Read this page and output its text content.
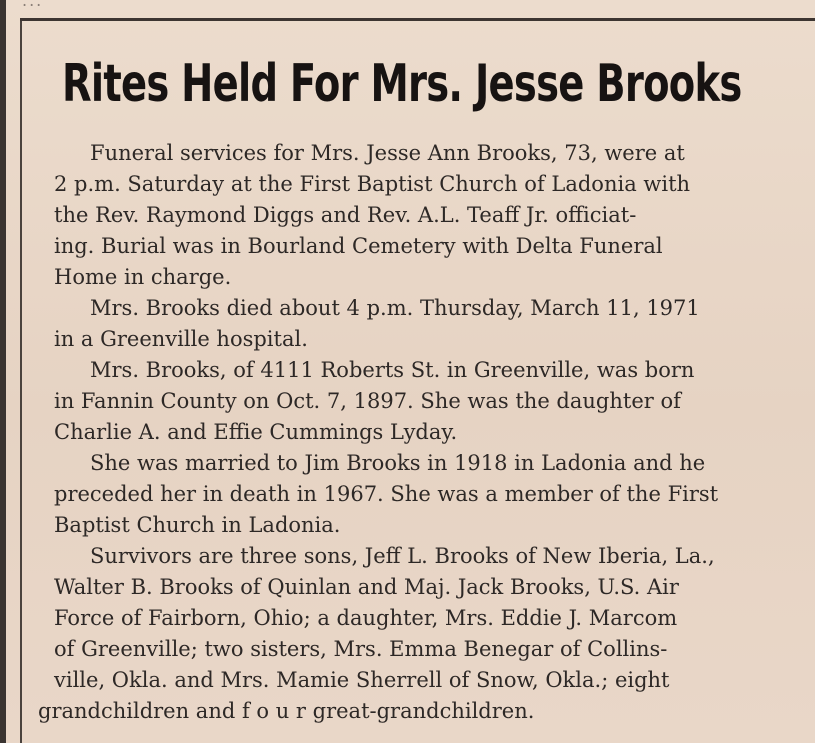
Rites Held For Mrs. Jesse Brooks
Funeral services for Mrs. Jesse Ann Brooks, 73, were at
2 p.m. Saturday at the First Baptist Church of Ladonia with
the Rev. Raymond Diggs and Rev. A.L. Teaff Jr. officiat-
ing. Burial was in Bourland Cemetery with Delta Funeral
Home in charge.
Mrs. Brooks died about 4 p.m. Thursday, March 11, 1971
in a Greenville hospital.
Mrs. Brooks, of 4111 Roberts St. in Greenville, was born
in Fannin County on Oct. 7, 1897. She was the daughter of
Charlie A. and Effie Cummings Lyday.
She was married to Jim Brooks in 1918 in Ladonia and he
preceded her in death in 1967. She was a member of the First
Baptist Church in Ladonia.
Survivors are three sons, Jeff L. Brooks of New Iberia, La.,
Walter B. Brooks of Quinlan and Maj. Jack Brooks, U.S. Air
Force of Fairborn, Ohio; a daughter, Mrs. Eddie J. Marcom
of Greenville; two sisters, Mrs. Emma Benegar of Collins-
ville, Okla. and Mrs. Mamie Sherrell of Snow, Okla.; eight
grandchildren and f o u r great-grandchildren.
